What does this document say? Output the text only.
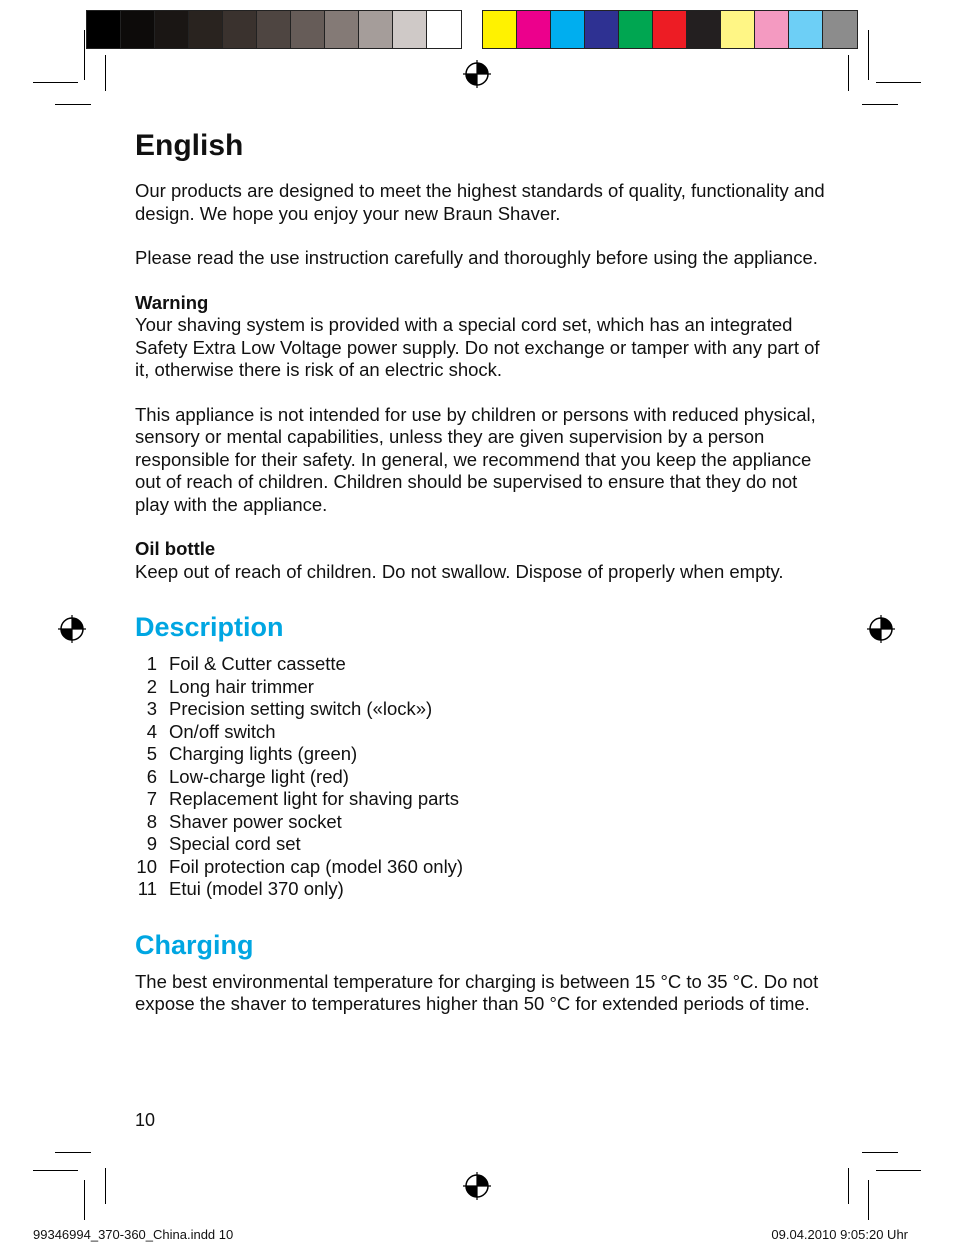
English

Our products are designed to meet the highest standards of quality, functionality and design. We hope you enjoy your new Braun Shaver.

Please read the use instruction carefully and thoroughly before using the appliance.

Warning

Your shaving system is provided with a special cord set, which has an integrated Safety Extra Low Voltage power supply. Do not exchange or tamper with any part of it, otherwise there is risk of an electric shock.

This appliance is not intended for use by children or persons with reduced physical, sensory or mental capabilities, unless they are given supervision by a person responsible for their safety. In general, we recommend that you keep the appliance out of reach of children. Children should be supervised to ensure that they do not play with the appliance.

Oil bottle

Keep out of reach of children. Do not swallow. Dispose of properly when empty.

Description
1 Foil & Cutter cassette
2 Long hair trimmer
3 Precision setting switch («lock»)
4 On/off switch
5 Charging lights (green)
6 Low-charge light (red)
7 Replacement light for shaving parts
8 Shaver power socket
9 Special cord set
10 Foil protection cap (model 360 only)
11 Etui (model 370 only)
Charging

The best environmental temperature for charging is between 15 °C to 35 °C. Do not expose the shaver to temperatures higher than 50 °C for extended periods of time.

10
99346994_370-360_China.indd 10	09.04.2010 9:05:20 Uhr
